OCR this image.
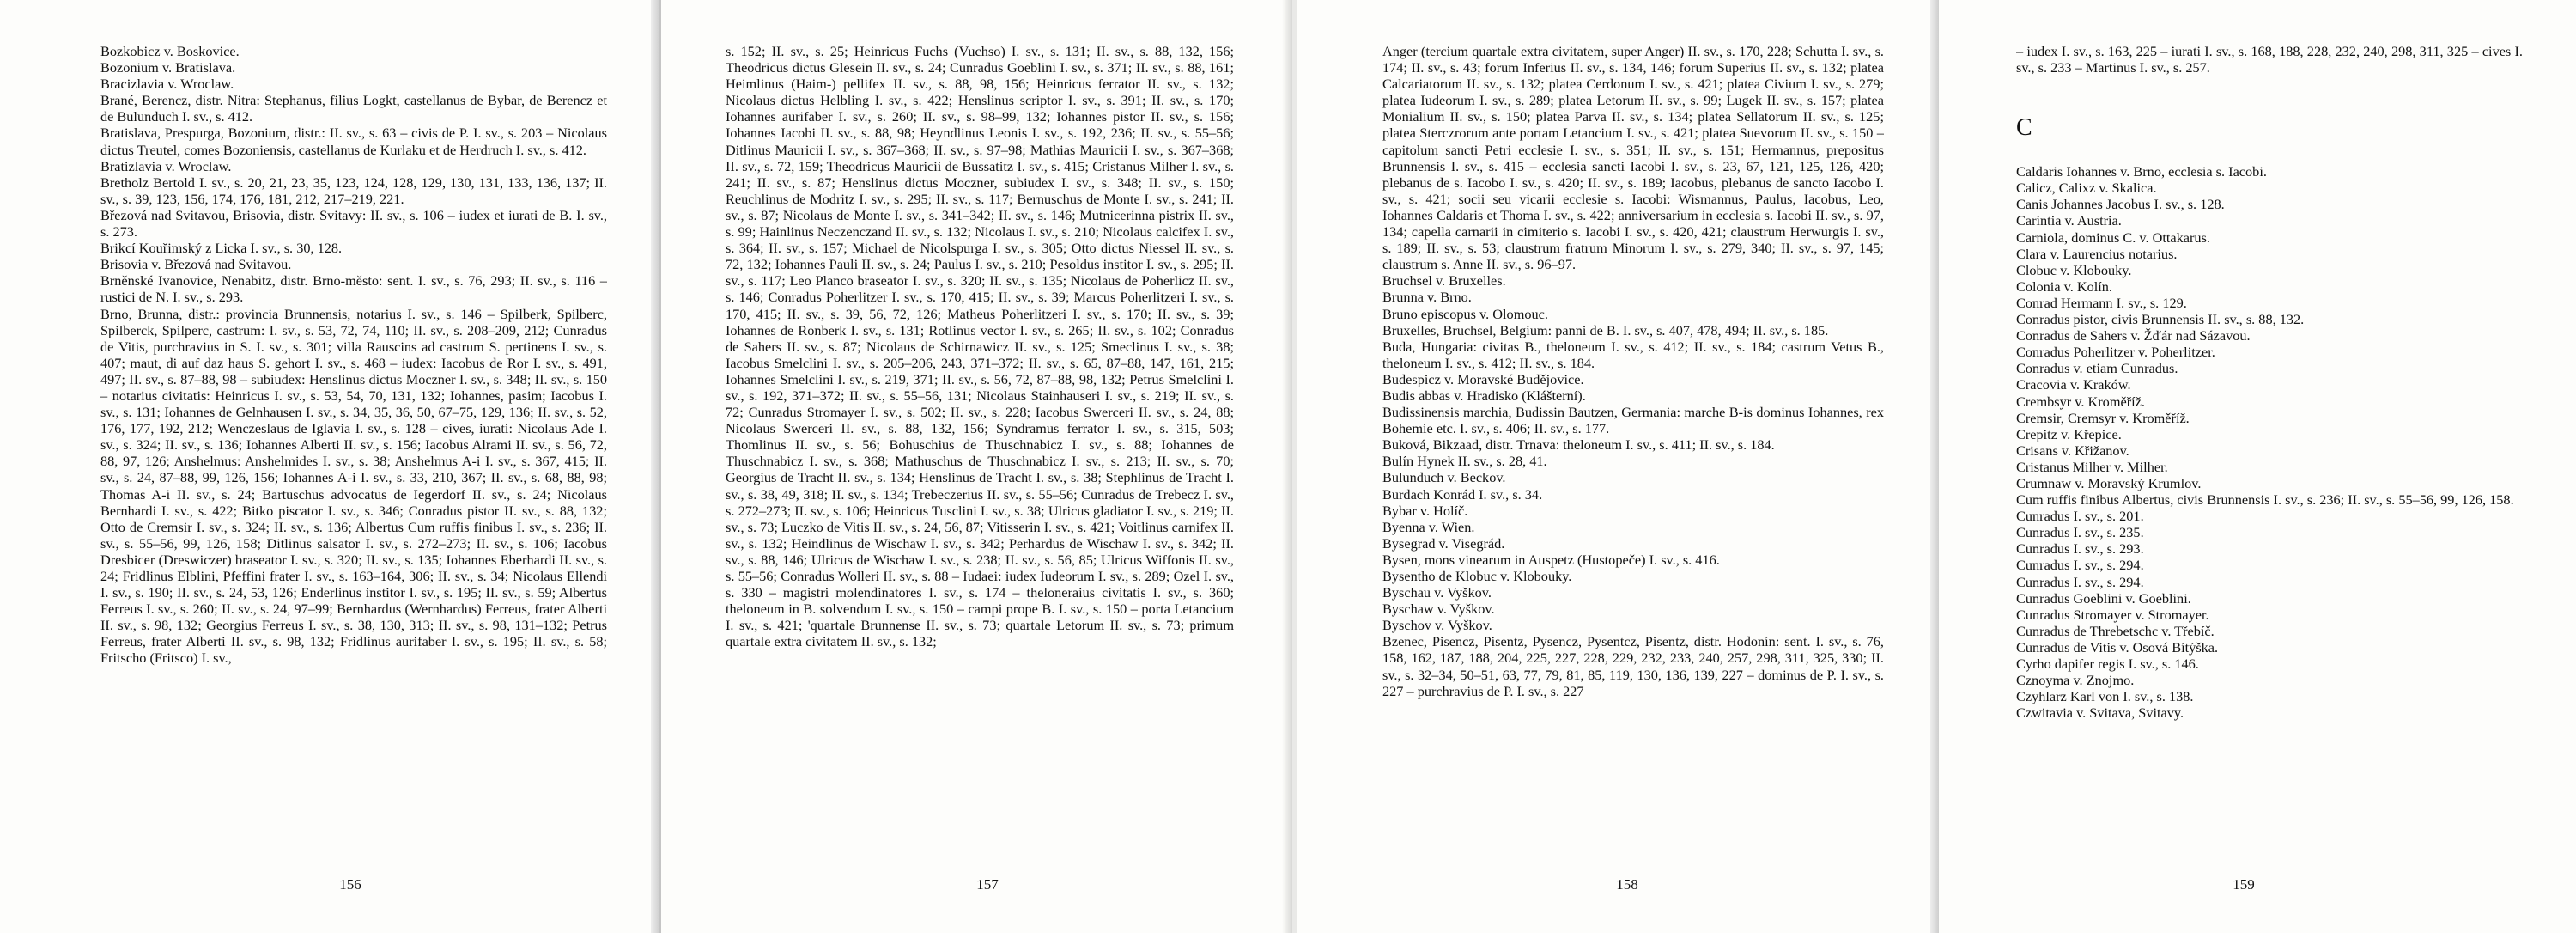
Bozkobicz v. Boskovice.

Bozonium v. Bratislava.

Bracizlavia v. Wroclaw.

Brané, Berencz, distr. Nitra: Stephanus, filius Logkt, castellanus de Bybar, de Berencz et de Bulunduch I. sv., s. 412.

Bratislava, Prespurga, Bozonium, distr.: II. sv., s. 63 – civis de P. I. sv., s. 203 – Nicolaus dictus Treutel, comes Bozoniensis, castellanus de Kurlaku et de Herdruch I. sv., s. 412.

Bratizlavia v. Wroclaw.

Bretholz Bertold I. sv., s. 20, 21, 23, 35, 123, 124, 128, 129, 130, 131, 133, 136, 137; II. sv., s. 39, 123, 156, 174, 176, 181, 212, 217–219, 221.

Březová nad Svitavou, Brisovia, distr. Svitavy: II. sv., s. 106 – iudex et iurati de B. I. sv., s. 273.

Brikcí Kouřimský z Licka I. sv., s. 30, 128.

Brisovia v. Březová nad Svitavou.

Brněnské Ivanovice, Nenabitz, distr. Brno-město: sent. I. sv., s. 76, 293; II. sv., s. 116 – rustici de N. I. sv., s. 293.

Brno, Brunna, distr.: provincia Brunnensis, notarius I. sv., s. 146 – Spilberk, Spilberc, Spilberck, Spilperc, castrum: I. sv., s. 53, 72, 74, 110; II. sv., s. 208–209, 212; Cunradus de Vitis, purchravius in S. I. sv., s. 301; villa Rauscins ad castrum S. pertinens I. sv., s. 407; maut, di auf daz haus S. gehort I. sv., s. 468 – iudex: Iacobus de Ror I. sv., s. 491, 497; II. sv., s. 87–88, 98 – subiudex: Henslinus dictus Moczner I. sv., s. 348; II. sv., s. 150 – notarius civitatis: Heinricus I. sv., s. 53, 54, 70, 131, 132; Iohannes, pasim; Iacobus I. sv., s. 131; Iohannes de Gelnhausen I. sv., s. 34, 35, 36, 50, 67–75, 129, 136; II. sv., s. 52, 176, 177, 192, 212; Wenczeslaus de Iglavia I. sv., s. 128 – cives, iurati: Nicolaus Ade I. sv., s. 324; II. sv., s. 136; Iohannes Alberti II. sv., s. 156; Iacobus Alrami II. sv., s. 56, 72, 88, 97, 126; Anshelmus: Anshelmides I. sv., s. 38; Anshelmus A-i I. sv., s. 367, 415; II. sv., s. 24, 87–88, 99, 126, 156; Iohannes A-i I. sv., s. 33, 210, 367; II. sv., s. 68, 88, 98; Thomas A-i II. sv., s. 24; Bartuschus advocatus de Iegerdorf II. sv., s. 24; Nicolaus Bernhardi I. sv., s. 422; Bitko piscator I. sv., s. 346; Conradus pistor II. sv., s. 88, 132; Otto de Cremsir I. sv., s. 324; II. sv., s. 136; Albertus Cum ruffis finibus I. sv., s. 236; II. sv., s. 55–56, 99, 126, 158; Ditlinus salsator I. sv., s. 272–273; II. sv., s. 106; Iacobus Dresbicer (Dreswiczer) braseator I. sv., s. 320; II. sv., s. 135; Iohannes Eberhardi II. sv., s. 24; Fridlinus Elblini, Pfeffini frater I. sv., s. 163–164, 306; II. sv., s. 34; Nicolaus Ellendi I. sv., s. 190; II. sv., s. 24, 53, 126; Enderlinus institor I. sv., s. 195; II. sv., s. 59; Albertus Ferreus I. sv., s. 260; II. sv., s. 24, 97–99; Bernhardus (Wernhardus) Ferreus, frater Alberti II. sv., s. 98, 132; Georgius Ferreus I. sv., s. 38, 130, 313; II. sv., s. 98, 131–132; Petrus Ferreus, frater Alberti II. sv., s. 98, 132; Fridlinus aurifaber I. sv., s. 195; II. sv., s. 58; Fritscho (Fritsco) I. sv.,

156

s. 152; II. sv., s. 25; Heinricus Fuchs (Vuchso) I. sv., s. 131; II. sv., s. 88, 132, 156; Theodricus dictus Glesein II. sv., s. 24; Cunradus Goeblini I. sv., s. 371; II. sv., s. 88, 161; Heimlinus (Haim-) pellifex II. sv., s. 88, 98, 156; Heinricus ferrator II. sv., s. 132; Nicolaus dictus Helbling I. sv., s. 422; Henslinus scriptor I. sv., s. 391; II. sv., s. 170; Iohannes aurifaber I. sv., s. 260; II. sv., s. 98–99, 132; Iohannes pistor II. sv., s. 156; Iohannes Iacobi II. sv., s. 88, 98; Heyndlinus Leonis I. sv., s. 192, 236; II. sv., s. 55–56; Ditlinus Mauricii I. sv., s. 367–368; II. sv., s. 97–98; Mathias Mauricii I. sv., s. 367–368; II. sv., s. 72, 159; Theodricus Mauricii de Bussatitz I. sv., s. 415; Cristanus Milher I. sv., s. 241; II. sv., s. 87; Henslinus dictus Moczner, subiudex I. sv., s. 348; II. sv., s. 150; Reuchlinus de Modritz I. sv., s. 295; II. sv., s. 117; Bernuschus de Monte I. sv., s. 241; II. sv., s. 87; Nicolaus de Monte I. sv., s. 341–342; II. sv., s. 146; Mutnicerinna pistrix II. sv., s. 99; Hainlinus Neczenczand II. sv., s. 132; Nicolaus I. sv., s. 210; Nicolaus calcifex I. sv., s. 364; II. sv., s. 157; Michael de Nicolspurga I. sv., s. 305; Otto dictus Niessel II. sv., s. 72, 132; Iohannes Pauli II. sv., s. 24; Paulus I. sv., s. 210; Pesoldus institor I. sv., s. 295; II. sv., s. 117; Leo Planco braseator I. sv., s. 320; II. sv., s. 135; Nicolaus de Poherlicz II. sv., s. 146; Conradus Poherlitzer I. sv., s. 170, 415; II. sv., s. 39; Marcus Poherlitzeri I. sv., s. 170, 415; II. sv., s. 39, 56, 72, 126; Matheus Poherlitzeri I. sv., s. 170; II. sv., s. 39; Iohannes de Ronberk I. sv., s. 131; Rotlinus vector I. sv., s. 265; II. sv., s. 102; Conradus de Sahers II. sv., s. 87; Nicolaus de Schirnawicz II. sv., s. 125; Smeclinus I. sv., s. 38; Iacobus Smelclini I. sv., s. 205–206, 243, 371–372; II. sv., s. 65, 87–88, 147, 161, 215; Iohannes Smelclini I. sv., s. 219, 371; II. sv., s. 56, 72, 87–88, 98, 132; Petrus Smelclini I. sv., s. 192, 371–372; II. sv., s. 55–56, 131; Nicolaus Stainhauseri I. sv., s. 219; II. sv., s. 72; Cunradus Stromayer I. sv., s. 502; II. sv., s. 228; Iacobus Swerceri II. sv., s. 24, 88; Nicolaus Swerceri II. sv., s. 88, 132, 156; Syndramus ferrator I. sv., s. 315, 503; Thomlinus II. sv., s. 56; Bohuschius de Thuschnabicz I. sv., s. 88; Iohannes de Thuschnabicz I. sv., s. 368; Mathuschus de Thuschnabicz I. sv., s. 213; II. sv., s. 70; Georgius de Tracht II. sv., s. 134; Henslinus de Tracht I. sv., s. 38; Stephlinus de Tracht I. sv., s. 38, 49, 318; II. sv., s. 134; Trebeczerius II. sv., s. 55–56; Cunradus de Trebecz I. sv., s. 272–273; II. sv., s. 106; Heinricus Tusclini I. sv., s. 38; Ulricus gladiator I. sv., s. 219; II. sv., s. 73; Luczko de Vitis II. sv., s. 24, 56, 87; Vitisserin I. sv., s. 421; Voitlinus carnifex II. sv., s. 132; Heindlinus de Wischaw I. sv., s. 342; Perhardus de Wischaw I. sv., s. 342; II. sv., s. 88, 146; Ulricus de Wischaw I. sv., s. 238; II. sv., s. 56, 85; Ulricus Wiffonis II. sv., s. 55–56; Conradus Wolleri II. sv., s. 88 – Iudaei: iudex Iudeorum I. sv., s. 289; Ozel I. sv., s. 330 – magistri molendinatores I. sv., s. 174 – theloneraius civitatis I. sv., s. 360; theloneum in B. solvendum I. sv., s. 150 – campi prope B. I. sv., s. 150 – porta Letancium I. sv., s. 421; 'quartale Brunnense II. sv., s. 73; quartale Letorum II. sv., s. 73; primum quartale extra civitatem II. sv., s. 132;

157

Anger (tercium quartale extra civitatem, super Anger) II. sv., s. 170, 228; Schutta I. sv., s. 174; II. sv., s. 43; forum Inferius II. sv., s. 134, 146; forum Superius II. sv., s. 132; platea Calcariatorum II. sv., s. 132; platea Cerdonum I. sv., s. 421; platea Civium I. sv., s. 279; platea Iudeorum I. sv., s. 289; platea Letorum II. sv., s. 99; Lugek II. sv., s. 157; platea Monialium II. sv., s. 150; platea Parva II. sv., s. 134; platea Sellatorum II. sv., s. 125; platea Sterczrorum ante portam Letancium I. sv., s. 421; platea Suevorum II. sv., s. 150 – capitolum sancti Petri ecclesie I. sv., s. 351; II. sv., s. 151; Hermannus, prepositus Brunnensis I. sv., s. 415 – ecclesia sancti Iacobi I. sv., s. 23, 67, 121, 125, 126, 420; plebanus de s. Iacobo I. sv., s. 420; II. sv., s. 189; Iacobus, plebanus de sancto Iacobo I. sv., s. 421; socii seu vicarii ecclesie s. Iacobi: Wismannus, Paulus, Iacobus, Leo, Iohannes Caldaris et Thoma I. sv., s. 422; anniversarium in ecclesia s. Iacobi II. sv., s. 97, 134; capella carnarii in cimiterio s. Iacobi I. sv., s. 420, 421; claustrum Herwurgis I. sv., s. 189; II. sv., s. 53; claustrum fratrum Minorum I. sv., s. 279, 340; II. sv., s. 97, 145; claustrum s. Anne II. sv., s. 96–97.

Bruchsel v. Bruxelles.

Brunna v. Brno.

Bruno episcopus v. Olomouc.

Bruxelles, Bruchsel, Belgium: panni de B. I. sv., s. 407, 478, 494; II. sv., s. 185.

Buda, Hungaria: civitas B., theloneum I. sv., s. 412; II. sv., s. 184; castrum Vetus B., theloneum I. sv., s. 412; II. sv., s. 184.

Budespicz v. Moravské Budějovice.

Budis abbas v. Hradisko (Klášterní).

Budissinensis marchia, Budissin Bautzen, Germania: marche B-is dominus Iohannes, rex Bohemie etc. I. sv., s. 406; II. sv., s. 177.

Buková, Bikzaad, distr. Trnava: theloneum I. sv., s. 411; II. sv., s. 184.

Bulín Hynek II. sv., s. 28, 41.

Bulunduch v. Beckov.

Burdach Konrád I. sv., s. 34.

Bybar v. Holíč.

Byenna v. Wien.

Bysegrad v. Visegrád.

Bysen, mons vinearum in Auspetz (Hustopeče) I. sv., s. 416.

Bysentho de Klobuc v. Klobouky.

Byschau v. Vyškov.

Byschaw v. Vyškov.

Byschov v. Vyškov.

Bzenec, Pisencz, Pisentz, Pysencz, Pysentcz, Pisentz, distr. Hodonín: sent. I. sv., s. 76, 158, 162, 187, 188, 204, 225, 227, 228, 229, 232, 233, 240, 257, 298, 311, 325, 330; II. sv., s. 32–34, 50–51, 63, 77, 79, 81, 85, 119, 130, 136, 139, 227 – dominus de P. I. sv., s. 227 – purchravius de P. I. sv., s. 227

158

– iudex I. sv., s. 163, 225 – iurati I. sv., s. 168, 188, 228, 232, 240, 298, 311, 325 – cives I. sv., s. 233 – Martinus I. sv., s. 257.

C

Caldaris Iohannes v. Brno, ecclesia s. Iacobi.

Calicz, Calixz v. Skalica.

Canis Johannes Jacobus I. sv., s. 128.

Carintia v. Austria.

Carniola, dominus C. v. Ottakarus.

Clara v. Laurencius notarius.

Clobuc v. Klobouky.

Colonia v. Kolín.

Conrad Hermann I. sv., s. 129.

Conradus pistor, civis Brunnensis II. sv., s. 88, 132.

Conradus de Sahers v. Žďár nad Sázavou.

Conradus Poherlitzer v. Poherlitzer.

Conradus v. etiam Cunradus.

Cracovia v. Kraków.

Crembsyr v. Kroměříž.

Cremsir, Cremsyr v. Kroměříž.

Crepitz v. Křepice.

Crisans v. Křižanov.

Cristanus Milher v. Milher.

Crumnaw v. Moravský Krumlov.

Cum ruffis finibus Albertus, civis Brunnensis I. sv., s. 236; II. sv., s. 55–56, 99, 126, 158.

Cunradus I. sv., s. 201.

Cunradus I. sv., s. 235.

Cunradus I. sv., s. 293.

Cunradus I. sv., s. 294.

Cunradus I. sv., s. 294.

Cunradus Goeblini v. Goeblini.

Cunradus Stromayer v. Stromayer.

Cunradus de Threbetschc v. Třebíč.

Cunradus de Vitis v. Osová Bítýška.

Cyrho dapifer regis I. sv., s. 146.

Cznoyma v. Znojmo.

Czyhlarz Karl von I. sv., s. 138.

Czwitavia v. Svitava, Svitavy.

159
